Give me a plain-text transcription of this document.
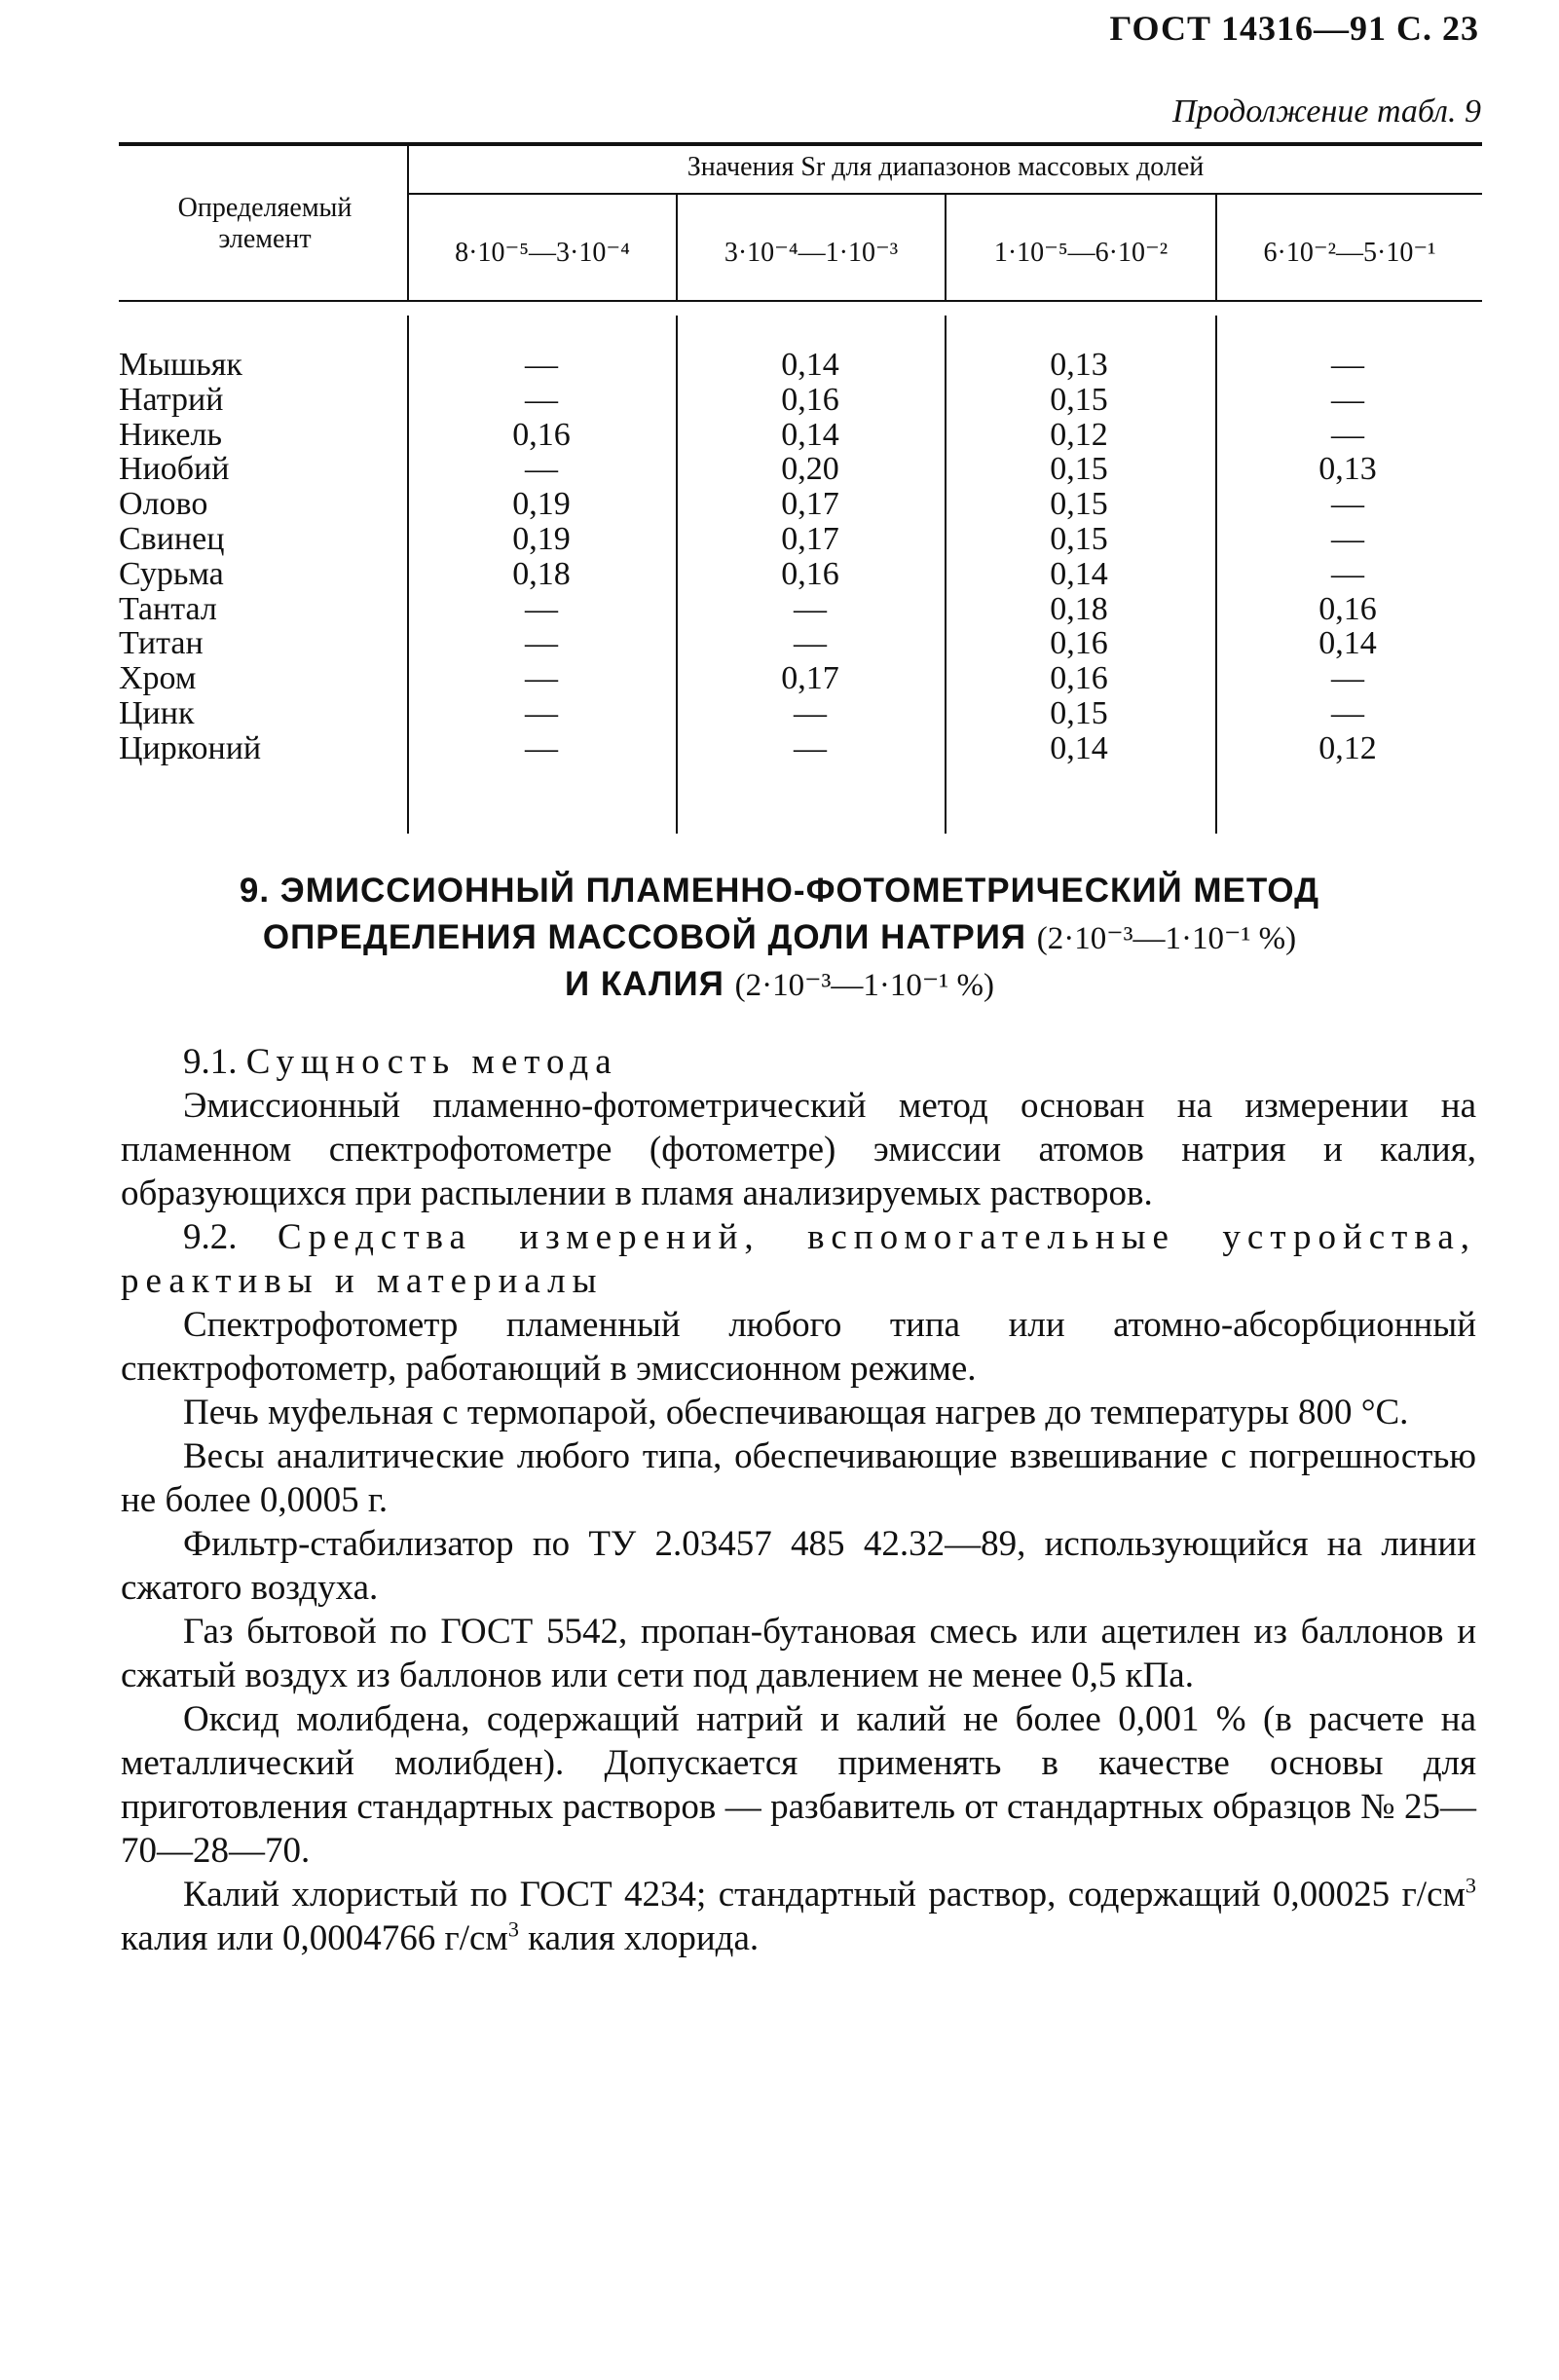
ГОСТ 14316—91 С. 23
Продолжение табл. 9
Определяемый элемент
Значения Sr для диапазонов массовых долей
8·10⁻⁵—3·10⁻⁴	3·10⁻⁴—1·10⁻³	1·10⁻⁵—6·10⁻²	6·10⁻²—5·10⁻¹
Мышьяк	—	0,14	0,13	—
Натрий	—	0,16	0,15	—
Никель	0,16	0,14	0,12	—
Ниобий	—	0,20	0,15	0,13
Олово	0,19	0,17	0,15	—
Свинец	0,19	0,17	0,15	—
Сурьма	0,18	0,16	0,14	—
Тантал	—	—	0,18	0,16
Титан	—	—	0,16	0,14
Хром	—	0,17	0,16	—
Цинк	—	—	0,15	—
Цирконий	—	—	0,14	0,12
9. ЭМИССИОННЫЙ ПЛАМЕННО-ФОТОМЕТРИЧЕСКИЙ МЕТОД
ОПРЕДЕЛЕНИЯ МАССОВОЙ ДОЛИ НАТРИЯ (2·10⁻³—1·10⁻¹ %)
И КАЛИЯ (2·10⁻³—1·10⁻¹ %)

9.1. Сущность метода

Эмиссионный пламенно-фотометрический метод основан на измерении на пламенном спектрофотометре (фотометре) эмиссии атомов натрия и калия, образующихся при распылении в пламя анализируемых растворов.

9.2. Средства измерений, вспомогательные устройства, реактивы и материалы

Спектрофотометр пламенный любого типа или атомно-абсорбционный спектрофотометр, работающий в эмиссионном режиме.

Печь муфельная с термопарой, обеспечивающая нагрев до температуры 800 °С.

Весы аналитические любого типа, обеспечивающие взвешивание с погрешностью не более 0,0005 г.

Фильтр-стабилизатор по ТУ 2.03457 485 42.32—89, использующийся на линии сжатого воздуха.

Газ бытовой по ГОСТ 5542, пропан-бутановая смесь или ацетилен из баллонов и сжатый воздух из баллонов или сети под давлением не менее 0,5 кПа.

Оксид молибдена, содержащий натрий и калий не более 0,001 % (в расчете на металлический молибден). Допускается применять в качестве основы для приготовления стандартных растворов — разбавитель от стандартных образцов № 25—70—28—70.

Калий хлористый по ГОСТ 4234; стандартный раствор, содержащий 0,00025 $г/см^3$ калия или 0,0004766 $г/см^3$ калия хлорида.
